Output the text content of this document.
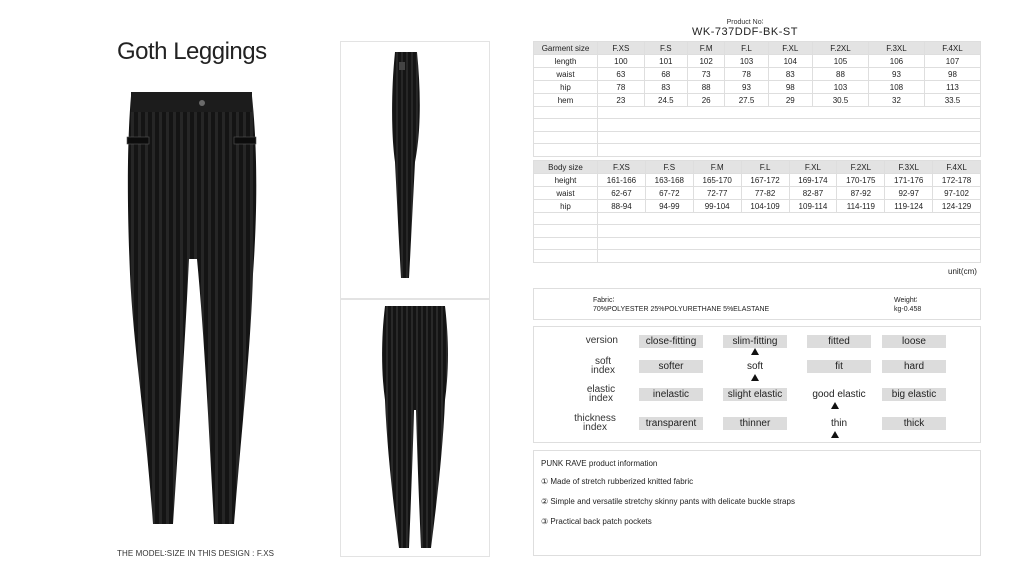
Goth Leggings
THE MODEL∶SIZE IN THIS DESIGN : F.XS
Product No∶
WK-737DDF-BK-ST
Garment size	F.XS	F.S	F.M	F.L	F.XL	F.2XL	F.3XL	F.4XL
length	100	101	102	103	104	105	106	107
waist	63	68	73	78	83	88	93	98
hip	78	83	88	93	98	103	108	113
hem	23	24.5	26	27.5	29	30.5	32	33.5

Body size	F.XS	F.S	F.M	F.L	F.XL	F.2XL	F.3XL	F.4XL
height	161-166	163-168	165-170	167-172	169-174	170-175	171-176	172-178
waist	62-67	67-72	72-77	77-82	82-87	87-92	92-97	97-102
hip	88-94	94-99	99-104	104-109	109-114	114-119	119-124	124-129

unit(cm)
Fabric∶
70%POLYESTER 25%POLYURETHANE 5%ELASTANE
Weight∶
kg-0.458
version	close-fitting	slim-fitting	fitted	loose
soft index	softer	soft	fit	hard
elastic index	inelastic	slight elastic	good elastic	big elastic
thickness index	transparent	thinner	thin	thick
PUNK RAVE product information
① Made of stretch rubberized knitted fabric
② Simple and versatile stretchy skinny pants with delicate buckle straps
③ Practical back patch pockets
